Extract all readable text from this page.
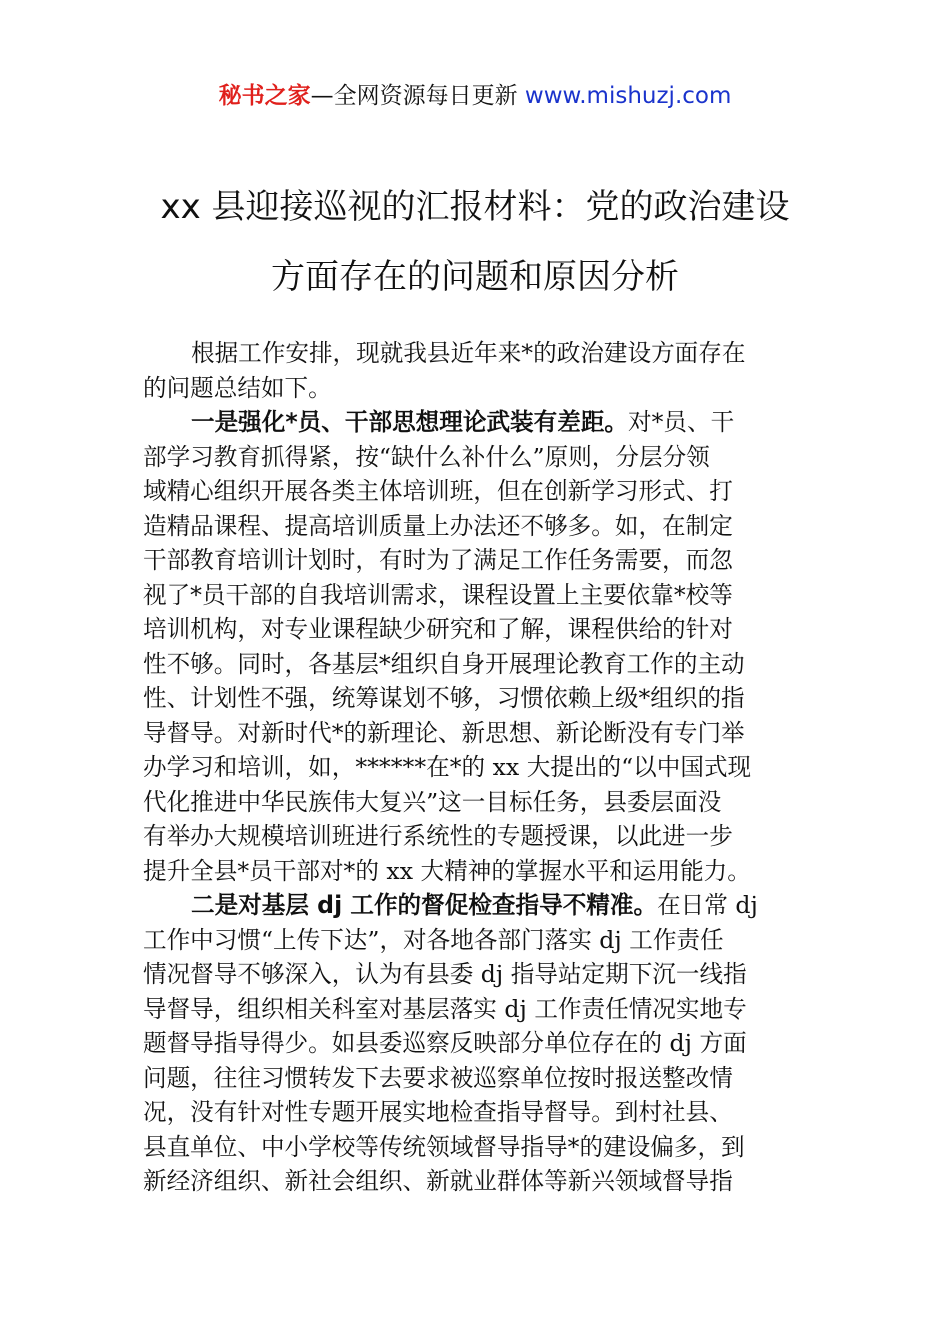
秘书之家—全网资源每日更新 www.mishuzj.com
xx 县迎接巡视的汇报材料：党的政治建设
方面存在的问题和原因分析
根据工作安排，现就我县近年来*的政治建设方面存在
的问题总结如下。
一是强化*员、干部思想理论武装有差距。对*员、干
部学习教育抓得紧，按“缺什么补什么”原则，分层分领
域精心组织开展各类主体培训班，但在创新学习形式、打
造精品课程、提高培训质量上办法还不够多。如，在制定
干部教育培训计划时，有时为了满足工作任务需要，而忽
视了*员干部的自我培训需求，课程设置上主要依靠*校等
培训机构，对专业课程缺少研究和了解，课程供给的针对
性不够。同时，各基层*组织自身开展理论教育工作的主动
性、计划性不强，统筹谋划不够，习惯依赖上级*组织的指
导督导。对新时代*的新理论、新思想、新论断没有专门举
办学习和培训，如，******在*的 xx 大提出的“以中国式现
代化推进中华民族伟大复兴”这一目标任务，县委层面没
有举办大规模培训班进行系统性的专题授课，以此进一步
提升全县*员干部对*的 xx 大精神的掌握水平和运用能力。
二是对基层 dj 工作的督促检查指导不精准。在日常 dj
工作中习惯“上传下达”，对各地各部门落实 dj 工作责任
情况督导不够深入，认为有县委 dj 指导站定期下沉一线指
导督导，组织相关科室对基层落实 dj 工作责任情况实地专
题督导指导得少。如县委巡察反映部分单位存在的 dj 方面
问题，往往习惯转发下去要求被巡察单位按时报送整改情
况，没有针对性专题开展实地检查指导督导。到村社县、
县直单位、中小学校等传统领域督导指导*的建设偏多，到
新经济组织、新社会组织、新就业群体等新兴领域督导指
